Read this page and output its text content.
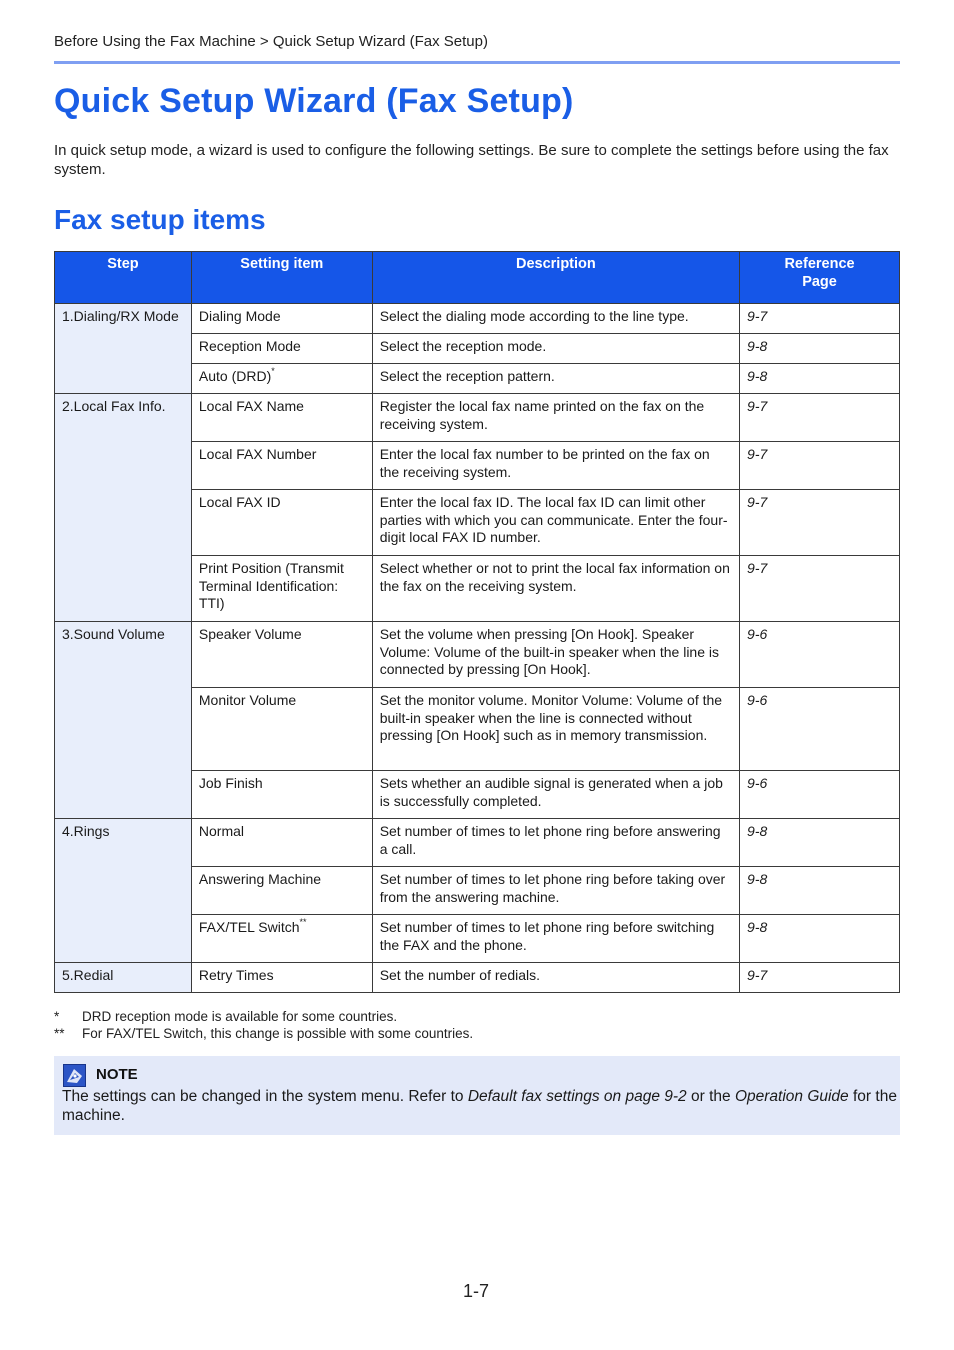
Before Using the Fax Machine > Quick Setup Wizard (Fax Setup)
Quick Setup Wizard (Fax Setup)

In quick setup mode, a wizard is used to configure the following settings. Be sure to complete the settings before using the fax system.

Fax setup items
Step	Setting item	Description	Reference Page
1.Dialing/RX Mode	Dialing Mode	Select the dialing mode according to the line type.	9-7
	Reception Mode	Select the reception mode.	9-8
	Auto (DRD)*	Select the reception pattern.	9-8
2.Local Fax Info.	Local FAX Name	Register the local fax name printed on the fax on the receiving system.	9-7
	Local FAX Number	Enter the local fax number to be printed on the fax on the receiving system.	9-7
	Local FAX ID	Enter the local fax ID. The local fax ID can limit other parties with which you can communicate. Enter the four-digit local FAX ID number.	9-7
	Print Position (Transmit Terminal Identification: TTI)	Select whether or not to print the local fax information on the fax on the receiving system.	9-7
3.Sound Volume	Speaker Volume	Set the volume when pressing [On Hook]. Speaker Volume: Volume of the built-in speaker when the line is connected by pressing [On Hook].	9-6
	Monitor Volume	Set the monitor volume. Monitor Volume: Volume of the built-in speaker when the line is connected without pressing [On Hook] such as in memory transmission.	9-6
	Job Finish	Sets whether an audible signal is generated when a job is successfully completed.	9-6
4.Rings	Normal	Set number of times to let phone ring before answering a call.	9-8
	Answering Machine	Set number of times to let phone ring before taking over from the answering machine.	9-8
	FAX/TEL Switch**	Set number of times to let phone ring before switching the FAX and the phone.	9-8
5.Redial	Retry Times	Set the number of redials.	9-7
*	DRD reception mode is available for some countries.
**	For FAX/TEL Switch, this change is possible with some countries.
NOTE
The settings can be changed in the system menu. Refer to Default fax settings on page 9-2 or the Operation Guide for the machine.
1-7
